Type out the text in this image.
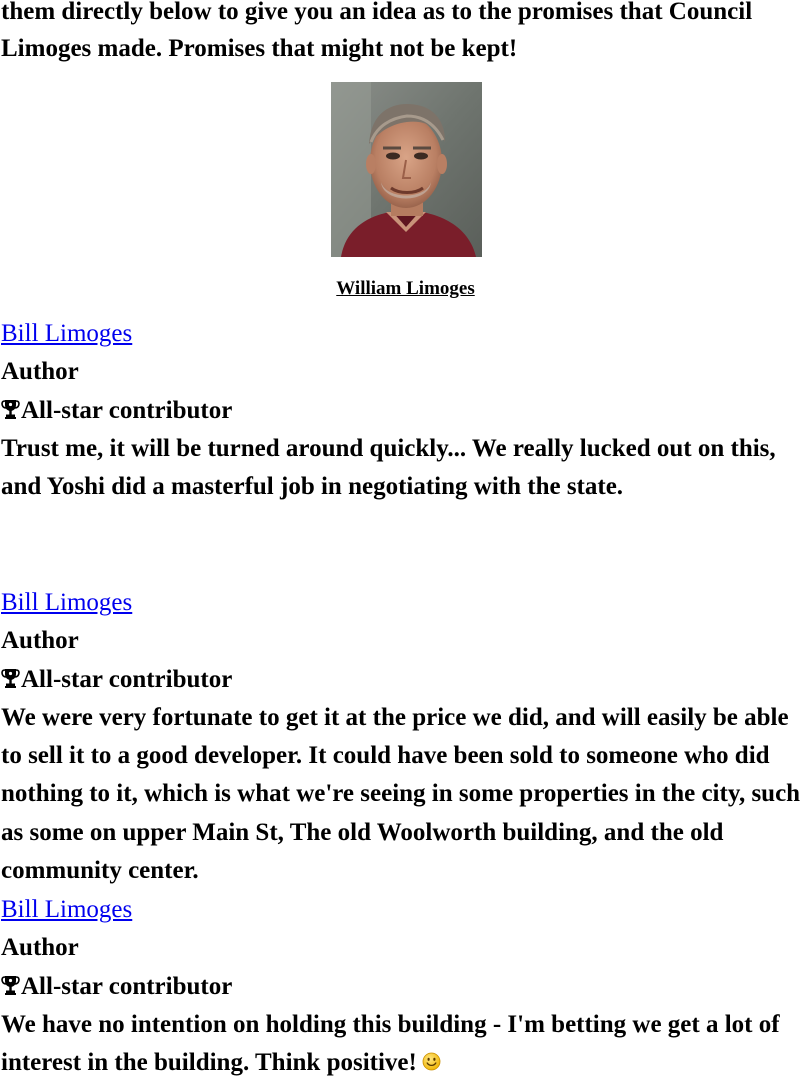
them directly below to give you an idea as to the promises that Council Limoges made. Promises that might not be kept!

William Limoges

Bill Limoges
Author
All-star contributor
Trust me, it will be turned around quickly... We really lucked out on this, and Yoshi did a masterful job in negotiating with the state.
Bill Limoges
Author
All-star contributor
We were very fortunate to get it at the price we did, and will easily be able to sell it to a good developer. It could have been sold to someone who did nothing to it, which is what we're seeing in some properties in the city, such as some on upper Main St, The old Woolworth building, and the old community center.
Bill Limoges
Author
All-star contributor
We have no intention on holding this building - I'm betting we get a lot of interest in the building. Think positive!
